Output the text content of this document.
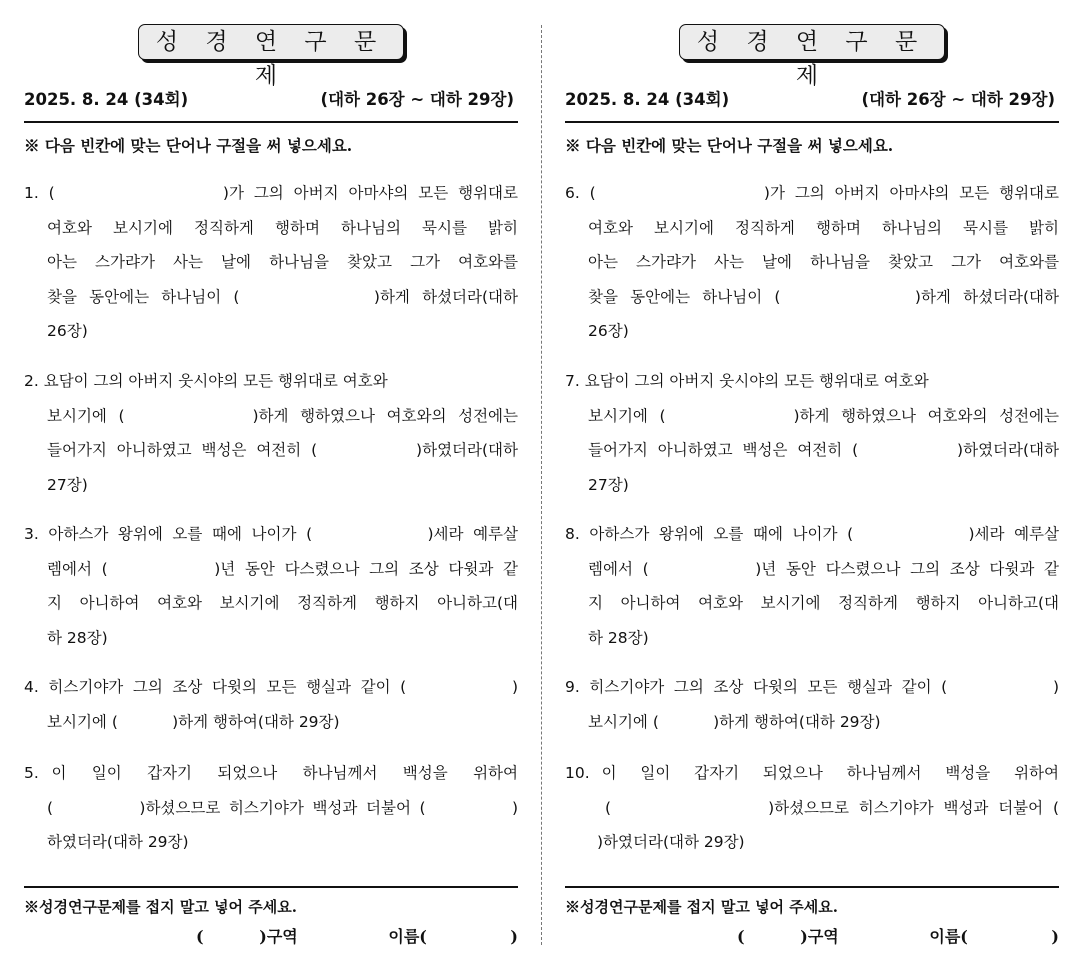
성 경 연 구 문 제
2025. 8. 24 (34회)	(대하 26장 ~ 대하 29장)
※ 다음 빈칸에 맞는 단어나 구절을 써 넣으세요.
1. (                 )가 그의 아버지 아마샤의 모든 행위대로
여호와 보시기에 정직하게 행하며 하나님의 묵시를 밝히
아는 스가랴가 사는 날에 하나님을 찾았고 그가 여호와를
찾을 동안에는 하나님이 (           )하게 하셨더라(대하
26장)
2. 요담이 그의 아버지 웃시야의 모든 행위대로 여호와
보시기에 (           )하게 행하였으나 여호와의 성전에는
들어가지 아니하였고 백성은 여전히 (          )하였더라(대하
27장)
3. 아하스가 왕위에 오를 때에 나이가 (            )세라 예루살
렘에서 (           )년 동안 다스렸으나 그의 조상 다윗과 같
지 아니하여 여호와 보시기에 정직하게 행하지 아니하고(대
하 28장)
4. 히스기야가 그의 조상 다윗의 모든 행실과 같이 (           )
보시기에 (           )하게 행하여(대하 29장)
5. 이  일이  갑자기  되었으나  하나님께서  백성을  위하여
(          )하셨으므로 히스기야가 백성과 더불어 (          )
하였더라(대하 29장)
※성경연구문제를 접지 말고 넣어 주세요.
(          )구역	이름(               )
성 경 연 구 문 제
2025. 8. 24 (34회)	(대하 26장 ~ 대하 29장)
※ 다음 빈칸에 맞는 단어나 구절을 써 넣으세요.
6. (                 )가 그의 아버지 아마샤의 모든 행위대로
여호와 보시기에 정직하게 행하며 하나님의 묵시를 밝히
아는 스가랴가 사는 날에 하나님을 찾았고 그가 여호와를
찾을 동안에는 하나님이 (           )하게 하셨더라(대하
26장)
7. 요담이 그의 아버지 웃시야의 모든 행위대로 여호와
보시기에 (           )하게 행하였으나 여호와의 성전에는
들어가지 아니하였고 백성은 여전히 (          )하였더라(대하
27장)
8. 아하스가 왕위에 오를 때에 나이가 (            )세라 예루살
렘에서 (           )년 동안 다스렸으나 그의 조상 다윗과 같
지 아니하여 여호와 보시기에 정직하게 행하지 아니하고(대
하 28장)
9. 히스기야가 그의 조상 다윗의 모든 행실과 같이 (           )
보시기에 (           )하게 행하여(대하 29장)
10. 이  일이  갑자기  되었으나  하나님께서  백성을  위하여
(                )하셨으므로 히스기야가 백성과 더불어 (
)하였더라(대하 29장)
※성경연구문제를 접지 말고 넣어 주세요.
(          )구역	이름(               )
